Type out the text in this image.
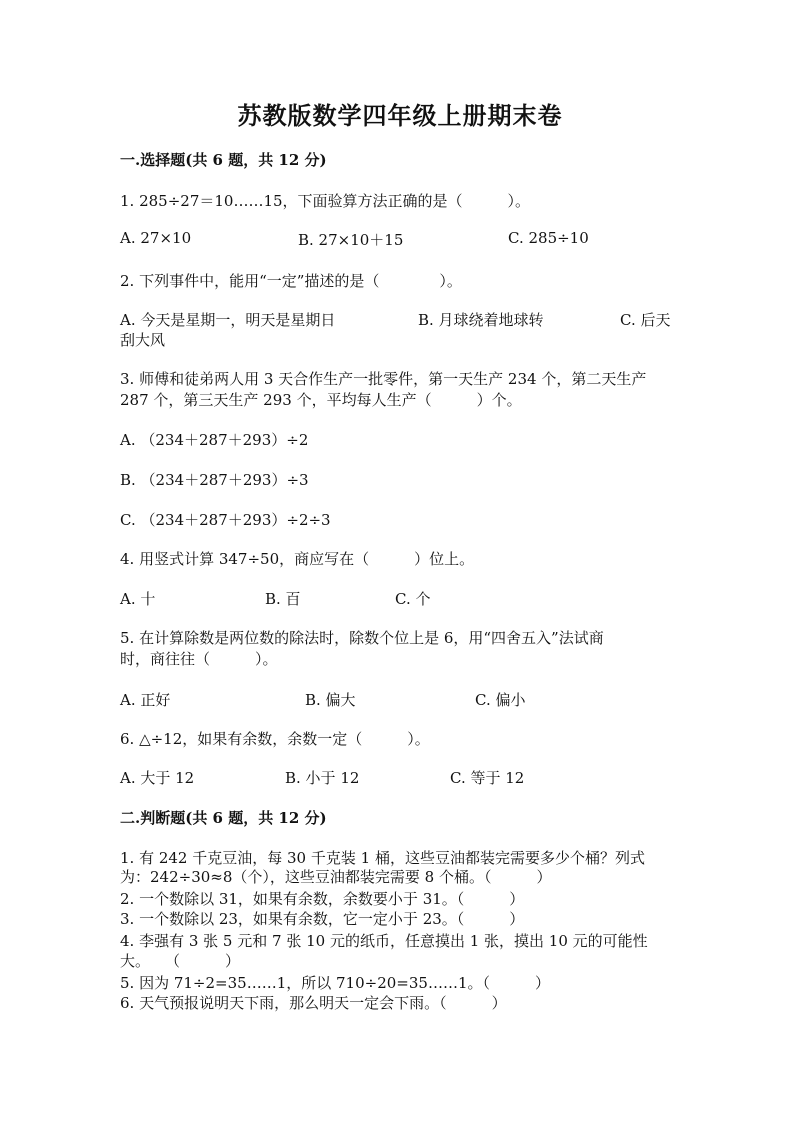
苏教版数学四年级上册期末卷
一.选择题(共 6 题，共 12 分)
1. 285÷27＝10……15，下面验算方法正确的是（　　　）。
A. 27×10	B. 27×10＋15	C. 285÷10
2. 下列事件中，能用“一定”描述的是（　　　　）。
A. 今天是星期一，明天是星期日	B. 月球绕着地球转	C. 后天
刮大风
3. 师傅和徒弟两人用 3 天合作生产一批零件，第一天生产 234 个，第二天生产
287 个，第三天生产 293 个，平均每人生产（　　　）个。
A. （234＋287＋293）÷2
B. （234＋287＋293）÷3
C. （234＋287＋293）÷2÷3
4. 用竖式计算 347÷50，商应写在（　　　）位上。
A. 十	B. 百	C. 个
5. 在计算除数是两位数的除法时，除数个位上是 6，用“四舍五入”法试商
时，商往往（　　　）。
A. 正好	B. 偏大	C. 偏小
6. △÷12，如果有余数，余数一定（　　　）。
A. 大于 12	B. 小于 12	C. 等于 12
二.判断题(共 6 题，共 12 分)
1. 有 242 千克豆油，每 30 千克装 1 桶，这些豆油都装完需要多少个桶？列式
为：242÷30≈8（个），这些豆油都装完需要 8 个桶。（　　　）
2. 一个数除以 31，如果有余数，余数要小于 31。（　　　）
3. 一个数除以 23，如果有余数，它一定小于 23。（　　　）
4. 李强有 3 张 5 元和 7 张 10 元的纸币，任意摸出 1 张，摸出 10 元的可能性
大。　　（　　　）
5. 因为 71÷2=35……1，所以 710÷20=35……1。（　　　）
6. 天气预报说明天下雨，那么明天一定会下雨。（　　　）
